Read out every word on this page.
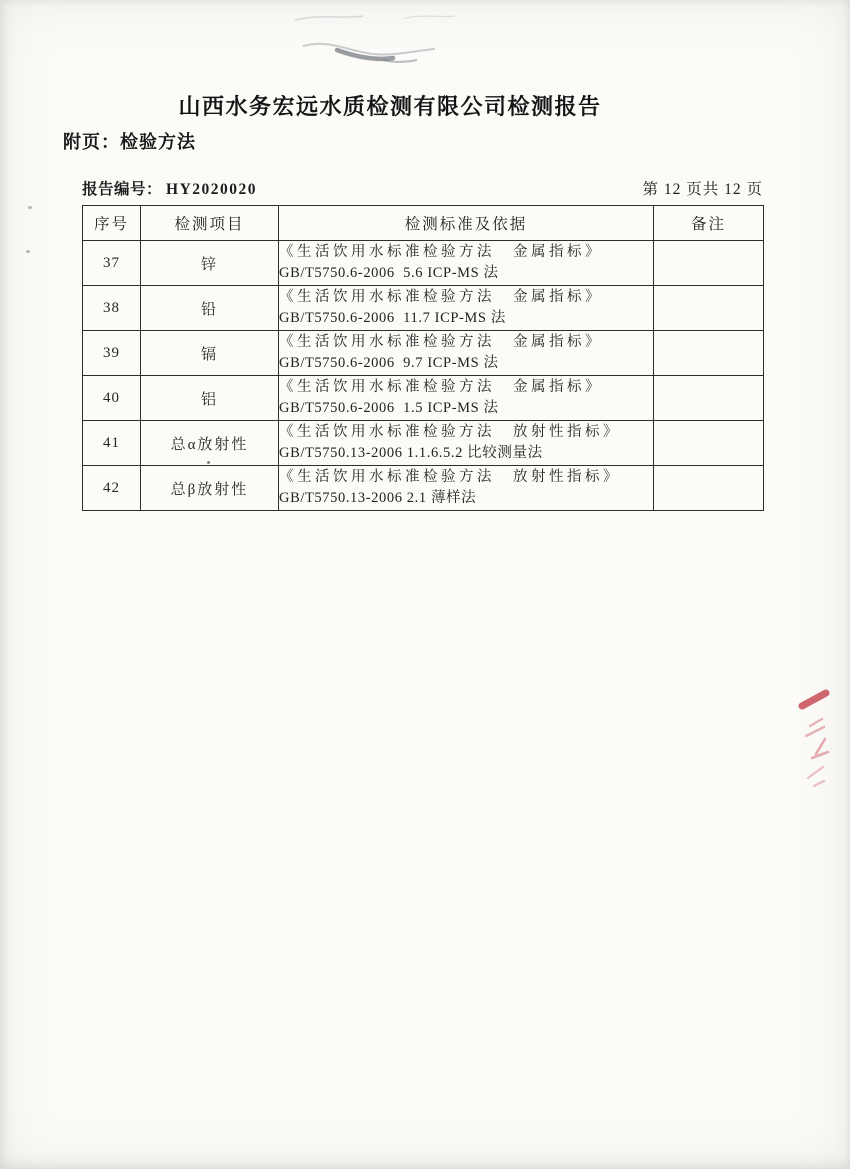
山西水务宏远水质检测有限公司检测报告
附页：检验方法
报告编号： HY2020020	第 12 页共 12 页
序号	检测项目	检测标准及依据	备注
37	锌	《生活饮用水标准检验方法　金属指标》
GB/T5750.6-2006  5.6 ICP-MS 法	

38	铅	《生活饮用水标准检验方法　金属指标》
GB/T5750.6-2006  11.7 ICP-MS 法	

39	镉	《生活饮用水标准检验方法　金属指标》
GB/T5750.6-2006  9.7 ICP-MS 法	

40	铝	《生活饮用水标准检验方法　金属指标》
GB/T5750.6-2006  1.5 ICP-MS 法	

41	总α放射性	《生活饮用水标准检验方法　放射性指标》
GB/T5750.13-2006 1.1.6.5.2 比较测量法	

42	总β放射性	《生活饮用水标准检验方法　放射性指标》
GB/T5750.13-2006 2.1 薄样法	
